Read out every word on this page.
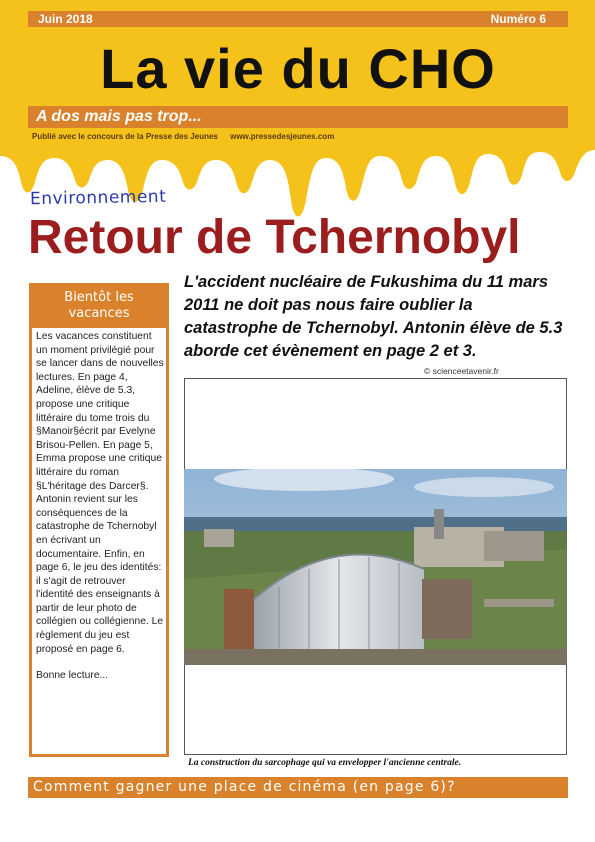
Juin 2018	Numéro 6
La vie du CHO
A dos mais pas trop...
Publié avec le concours de la Presse des Jeunes www.pressedesjeunes.com
Environnement
Retour de Tchernobyl
Bientôt les
vacances

Les vacances constituent un moment privilégié pour se lancer dans de nouvelles lectures. En page 4, Adeline, élève de 5.3, propose une critique littéraire du tome trois du §Manoir§écrit par Evelyne Brisou-Pellen. En page 5, Emma propose une critique littéraire du roman §L'héritage des Darcer§. Antonin revient sur les conséquences de la catastrophe de Tchernobyl en écrivant un documentaire. Enfin, en page 6, le jeu des identités: il s'agit de retrouver l'identité des enseignants à partir de leur photo de collégien ou collégienne. Le règlement du jeu est proposé en page 6.

Bonne lecture...

L'accident nucléaire de Fukushima du 11 mars 2011 ne doit pas nous faire oublier la catastrophe de Tchernobyl. Antonin élève de 5.3 aborde cet évènement en page 2 et 3.
© scienceetavenir.fr
La construction du sarcophage qui va envelopper l'ancienne centrale.
Comment gagner une place de cinéma (en page 6)?
